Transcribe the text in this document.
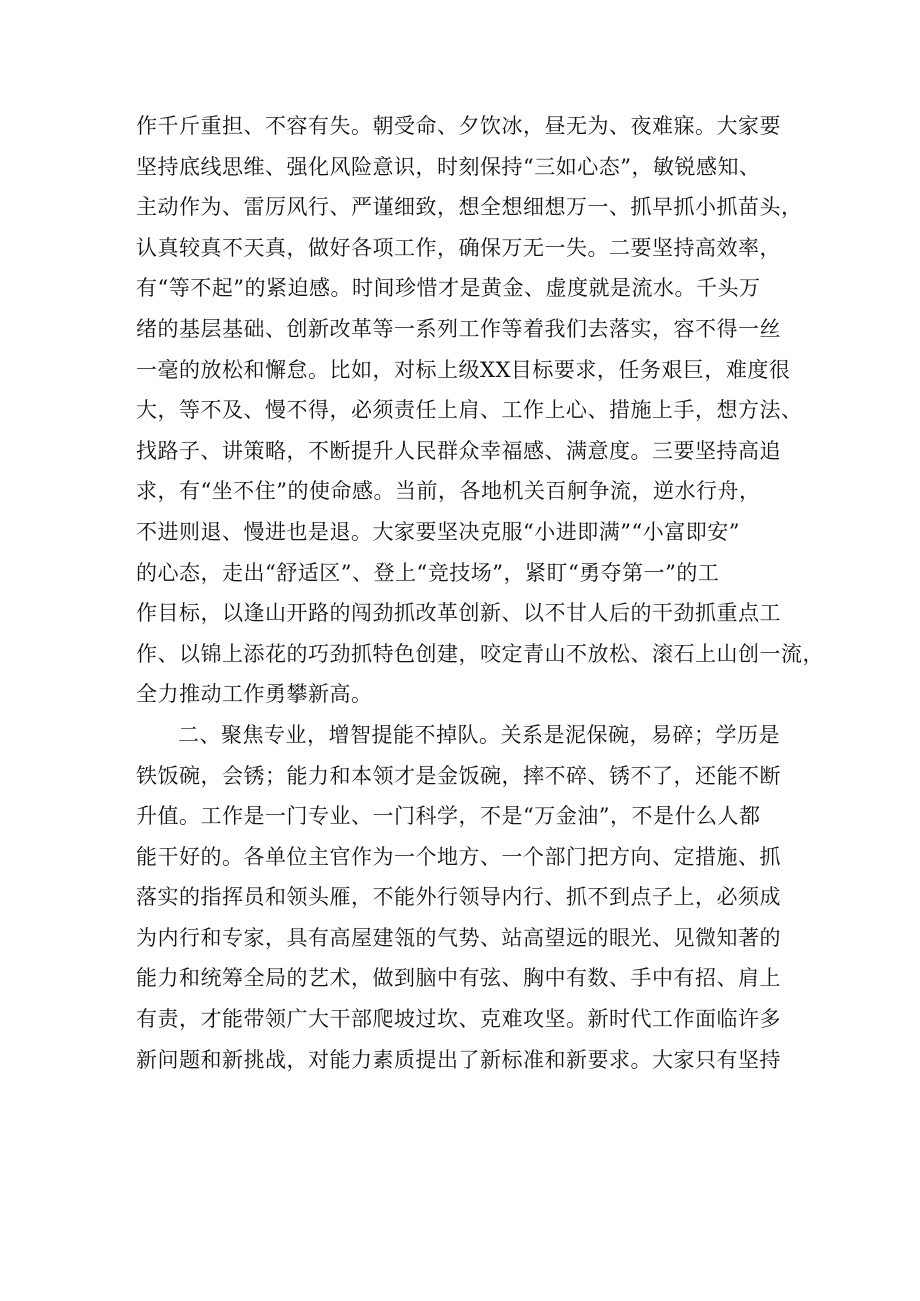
作千斤重担、不容有失。朝受命、夕饮冰，昼无为、夜难寐。大家要
坚持底线思维、强化风险意识，时刻保持“三如心态”，敏锐感知、
主动作为、雷厉风行、严谨细致，想全想细想万一、抓早抓小抓苗头，
认真较真不天真，做好各项工作，确保万无一失。二要坚持高效率，
有“等不起”的紧迫感。时间珍惜才是黄金、虚度就是流水。千头万
绪的基层基础、创新改革等一系列工作等着我们去落实，容不得一丝
一毫的放松和懈怠。比如，对标上级XX目标要求，任务艰巨，难度很
大，等不及、慢不得，必须责任上肩、工作上心、措施上手，想方法、
找路子、讲策略，不断提升人民群众幸福感、满意度。三要坚持高追
求，有“坐不住”的使命感。当前，各地机关百舸争流，逆水行舟，
不进则退、慢进也是退。大家要坚决克服“小进即满”“小富即安”
的心态，走出“舒适区”、登上“竞技场”，紧盯“勇夺第一”的工
作目标，以逢山开路的闯劲抓改革创新、以不甘人后的干劲抓重点工
作、以锦上添花的巧劲抓特色创建，咬定青山不放松、滚石上山创一流，
全力推动工作勇攀新高。
二、聚焦专业，增智提能不掉队。关系是泥保碗，易碎；学历是
铁饭碗，会锈；能力和本领才是金饭碗，摔不碎、锈不了，还能不断
升值。工作是一门专业、一门科学，不是“万金油”，不是什么人都
能干好的。各单位主官作为一个地方、一个部门把方向、定措施、抓
落实的指挥员和领头雁，不能外行领导内行、抓不到点子上，必须成
为内行和专家，具有高屋建瓴的气势、站高望远的眼光、见微知著的
能力和统筹全局的艺术，做到脑中有弦、胸中有数、手中有招、肩上
有责，才能带领广大干部爬坡过坎、克难攻坚。新时代工作面临许多
新问题和新挑战，对能力素质提出了新标准和新要求。大家只有坚持
